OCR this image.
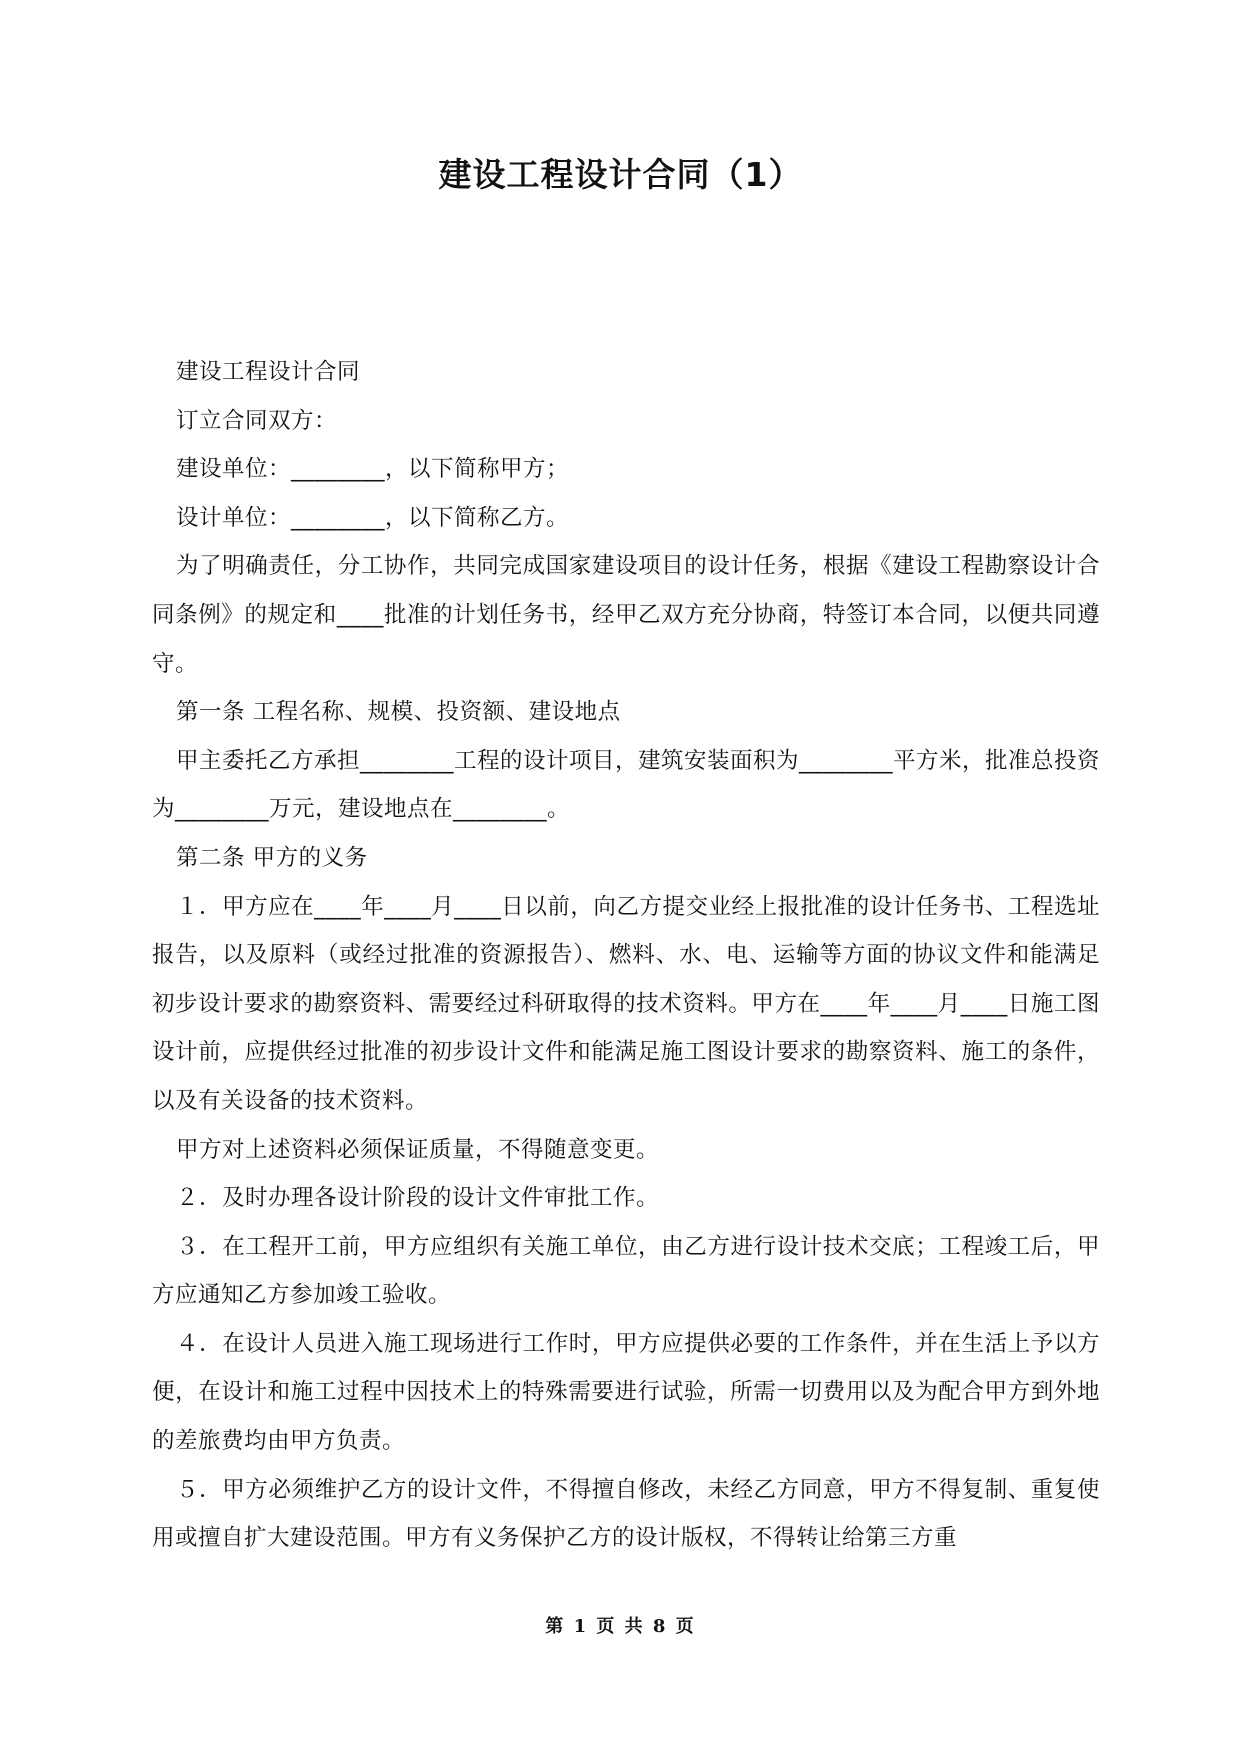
建设工程设计合同（1）

建设工程设计合同

订立合同双方：

建设单位：________，以下简称甲方；

设计单位：________，以下简称乙方。

为了明确责任，分工协作，共同完成国家建设项目的设计任务，根据《建设工程勘察设计合同条例》的规定和____批准的计划任务书，经甲乙双方充分协商，特签订本合同，以便共同遵守。

第一条 工程名称、规模、投资额、建设地点

甲主委托乙方承担________工程的设计项目，建筑安装面积为________平方米，批准总投资为________万元，建设地点在________。

第二条 甲方的义务

１．甲方应在____年____月____日以前，向乙方提交业经上报批准的设计任务书、工程选址报告，以及原料（或经过批准的资源报告）、燃料、水、电、运输等方面的协议文件和能满足初步设计要求的勘察资料、需要经过科研取得的技术资料。甲方在____年____月____日施工图设计前，应提供经过批准的初步设计文件和能满足施工图设计要求的勘察资料、施工的条件，以及有关设备的技术资料。

甲方对上述资料必须保证质量，不得随意变更。

２．及时办理各设计阶段的设计文件审批工作。

３．在工程开工前，甲方应组织有关施工单位，由乙方进行设计技术交底；工程竣工后，甲方应通知乙方参加竣工验收。

４．在设计人员进入施工现场进行工作时，甲方应提供必要的工作条件，并在生活上予以方便，在设计和施工过程中因技术上的特殊需要进行试验，所需一切费用以及为配合甲方到外地的差旅费均由甲方负责。

５．甲方必须维护乙方的设计文件，不得擅自修改，未经乙方同意，甲方不得复制、重复使用或擅自扩大建设范围。甲方有义务保护乙方的设计版权，不得转让给第三方重

第 1 页 共 8 页
